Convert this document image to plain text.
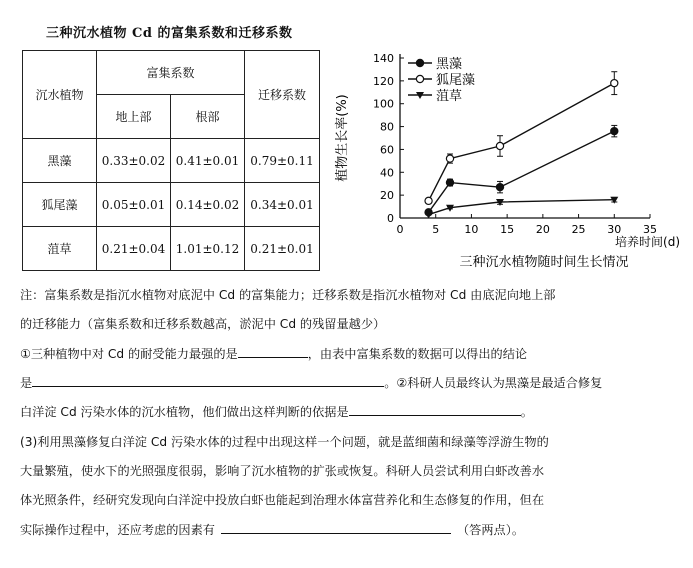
三种沉水植物 Cd 的富集系数和迁移系数
沉水植物	富集系数		迁移系数
	地上部	根部	
黑藻	0.33±0.02	0.41±0.01	0.79±0.11
狐尾藻	0.05±0.01	0.14±0.02	0.34±0.01
菹草	0.21±0.04	1.01±0.12	0.21±0.01
0
20
40
60
80
100
120
140
0	5 10 15 20 25 30 35
黑藻
狐尾藻
菹草
植物生长率(%)
培养时间(d)
三种沉水植物随时间生长情况
注：富集系数是指沉水植物对底泥中 Cd 的富集能力；迁移系数是指沉水植物对 Cd 由底泥向地上部
的迁移能力（富集系数和迁移系数越高，淤泥中 Cd 的残留量越少）
①三种植物中对 Cd 的耐受能力最强的是	，由表中富集系数的数据可以得出的结论
是	。②科研人员最终认为黑藻是最适合修复
白洋淀 Cd 污染水体的沉水植物，他们做出这样判断的依据是	。
(3)利用黑藻修复白洋淀 Cd 污染水体的过程中出现这样一个问题，就是蓝细菌和绿藻等浮游生物的
大量繁殖，使水下的光照强度很弱，影响了沉水植物的扩张或恢复。科研人员尝试利用白虾改善水
体光照条件，经研究发现向白洋淀中投放白虾也能起到治理水体富营养化和生态修复的作用，但在
实际操作过程中，还应考虑的因素有	（答两点）。
